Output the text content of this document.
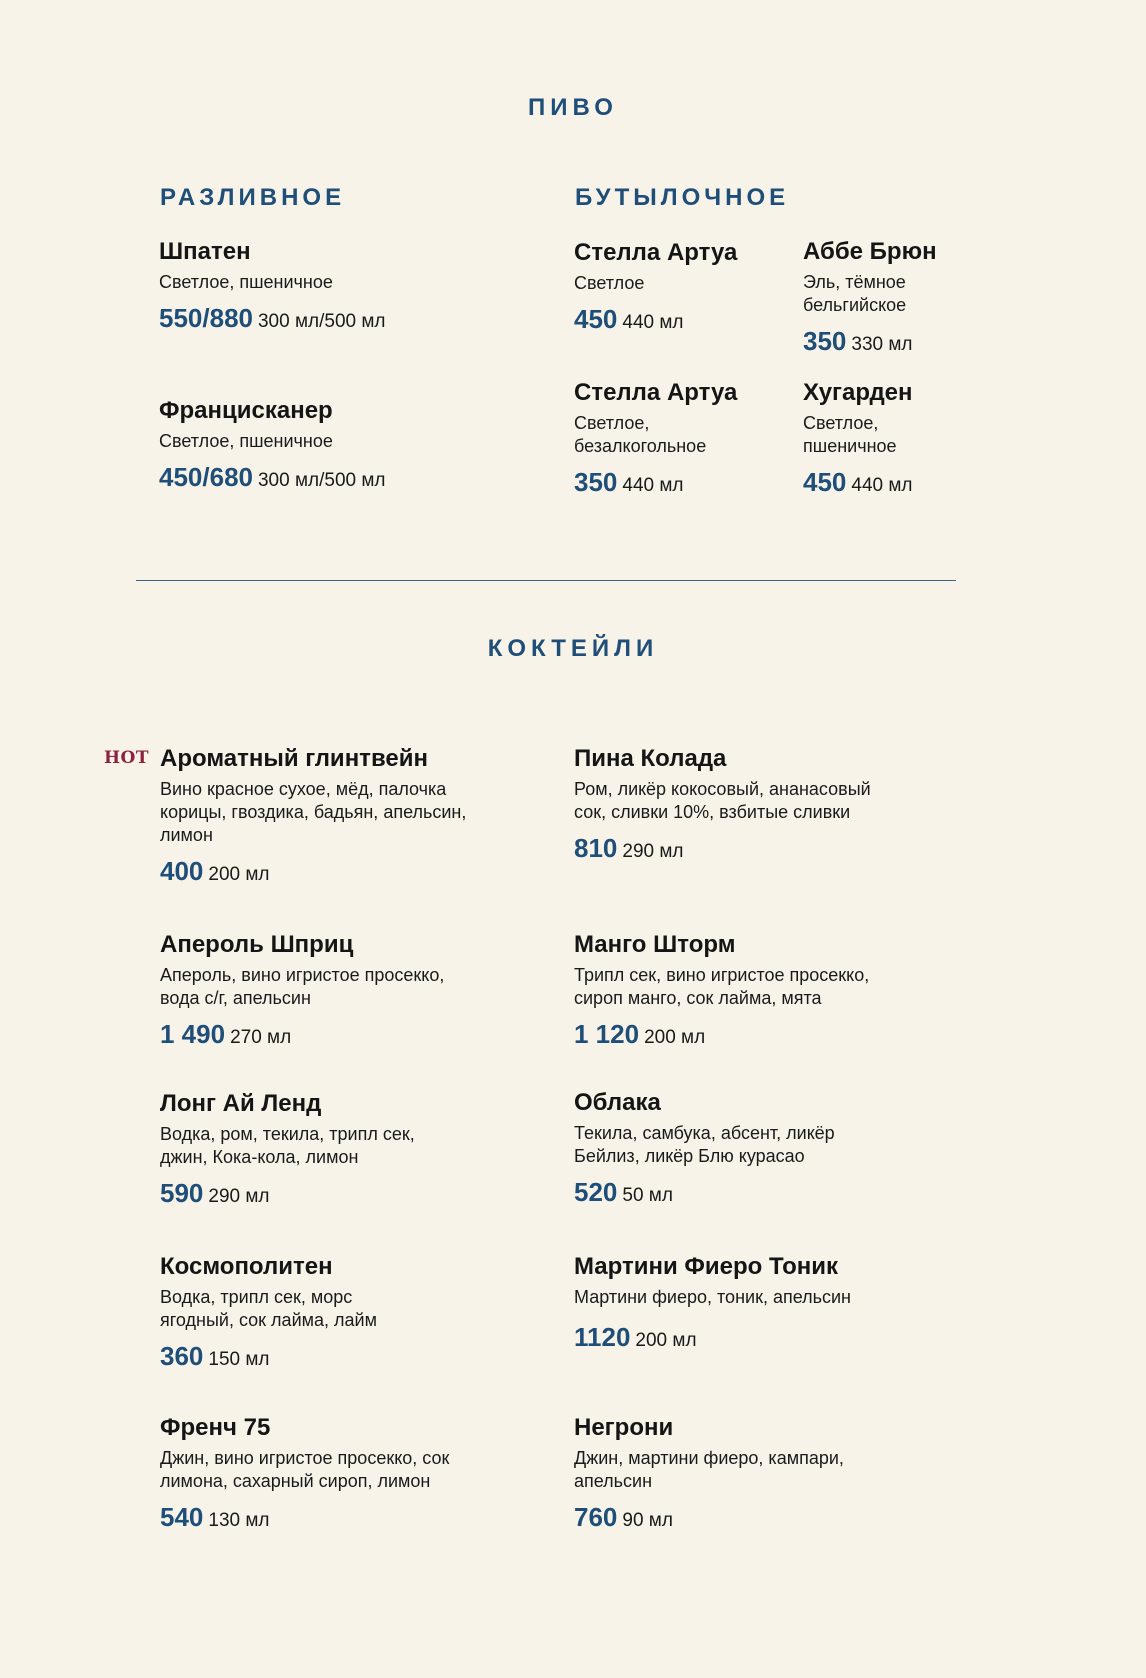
ПИВО
РАЗЛИВНОЕ	БУТЫЛОЧНОЕ
Шпатен
Светлое, пшеничное
550/880 300 мл/500 мл
Францисканер
Светлое, пшеничное
450/680 300 мл/500 мл
Стелла Артуа
Светлое
450 440 мл
Аббе Брюн
Эль, тёмное бельгийское
350 330 мл
Стелла Артуа
Светлое, безалкогольное
350 440 мл
Хугарден
Светлое, пшеничное
450 440 мл
КОКТЕЙЛИ
HOT Ароматный глинтвейн
Вино красное сухое, мёд, палочка корицы, гвоздика, бадьян, апельсин, лимон
400 200 мл
Апероль Шприц
Апероль, вино игристое просекко, вода с/г, апельсин
1 490 270 мл
Лонг Ай Ленд
Водка, ром, текила, трипл сек, джин, Кока-кола, лимон
590 290 мл
Космополитен
Водка, трипл сек, морс ягодный, сок лайма, лайм
360 150 мл
Френч 75
Джин, вино игристое просекко, сок лимона, сахарный сироп, лимон
540 130 мл
Пина Колада
Ром, ликёр кокосовый, ананасовый сок, сливки 10%, взбитые сливки
810 290 мл
Манго Шторм
Трипл сек, вино игристое просекко, сироп манго, сок лайма, мята
1 120 200 мл
Облака
Текила, самбука, абсент, ликёр Бейлиз, ликёр Блю курасао
520 50 мл
Мартини Фиеро Тоник
Мартини фиеро, тоник, апельсин
1120 200 мл
Негрони
Джин, мартини фиеро, кампари, апельсин
760 90 мл
